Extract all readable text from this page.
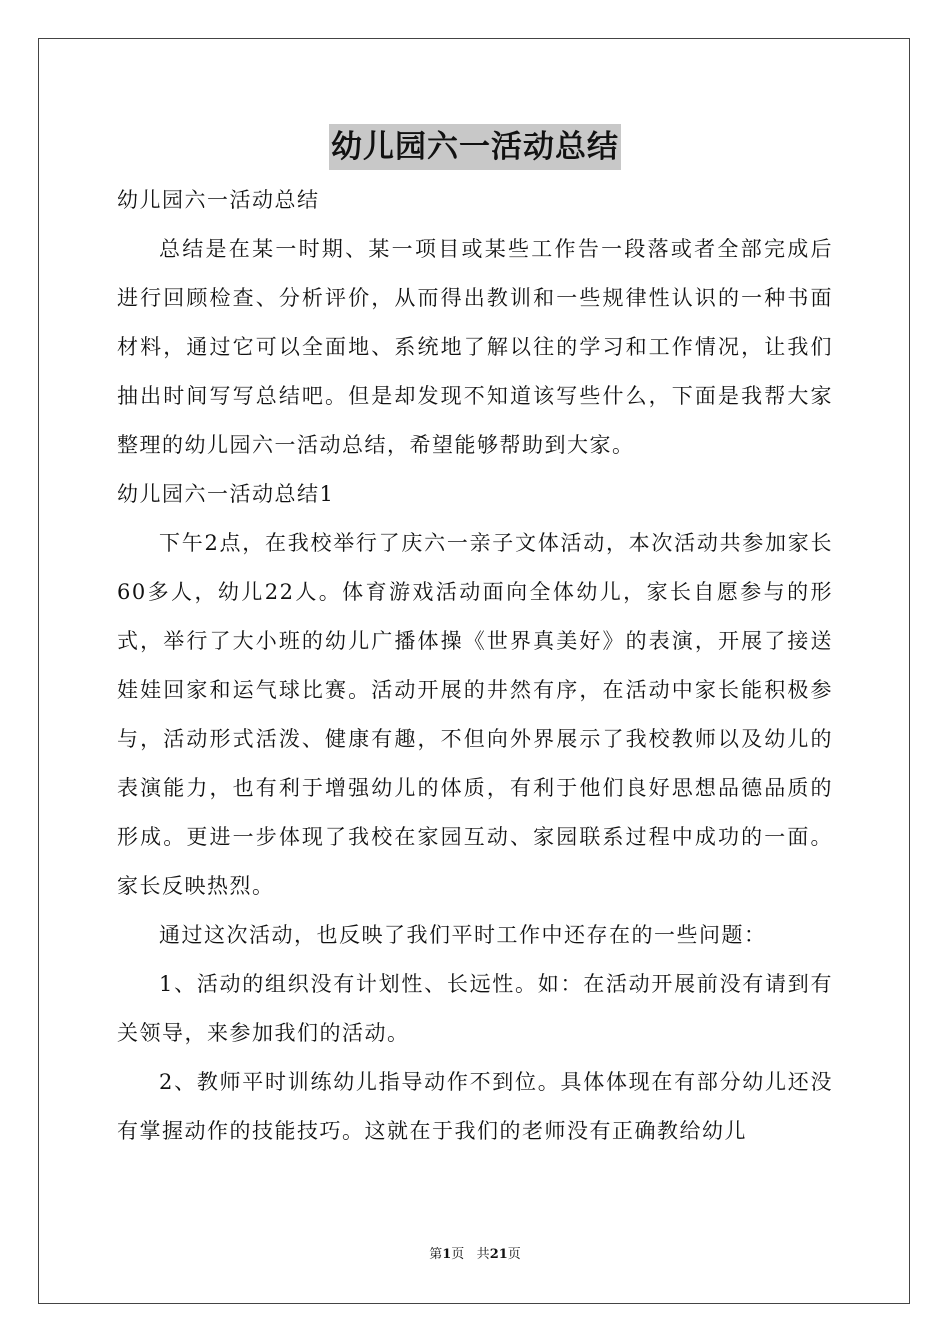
幼儿园六一活动总结

幼儿园六一活动总结

总结是在某一时期、某一项目或某些工作告一段落或者全部完成后进行回顾检查、分析评价，从而得出教训和一些规律性认识的一种书面材料，通过它可以全面地、系统地了解以往的学习和工作情况，让我们抽出时间写写总结吧。但是却发现不知道该写些什么，下面是我帮大家整理的幼儿园六一活动总结，希望能够帮助到大家。

幼儿园六一活动总结1

下午2点，在我校举行了庆六一亲子文体活动，本次活动共参加家长60多人，幼儿22人。体育游戏活动面向全体幼儿，家长自愿参与的形式，举行了大小班的幼儿广播体操《世界真美好》的表演，开展了接送娃娃回家和运气球比赛。活动开展的井然有序，在活动中家长能积极参与，活动形式活泼、健康有趣，不但向外界展示了我校教师以及幼儿的表演能力，也有利于增强幼儿的体质，有利于他们良好思想品德品质的形成。更进一步体现了我校在家园互动、家园联系过程中成功的一面。家长反映热烈。

通过这次活动，也反映了我们平时工作中还存在的一些问题：

1、活动的组织没有计划性、长远性。如：在活动开展前没有请到有关领导，来参加我们的活动。

2、教师平时训练幼儿指导动作不到位。具体体现在有部分幼儿还没有掌握动作的技能技巧。这就在于我们的老师没有正确教给幼儿

第1页 共21页
